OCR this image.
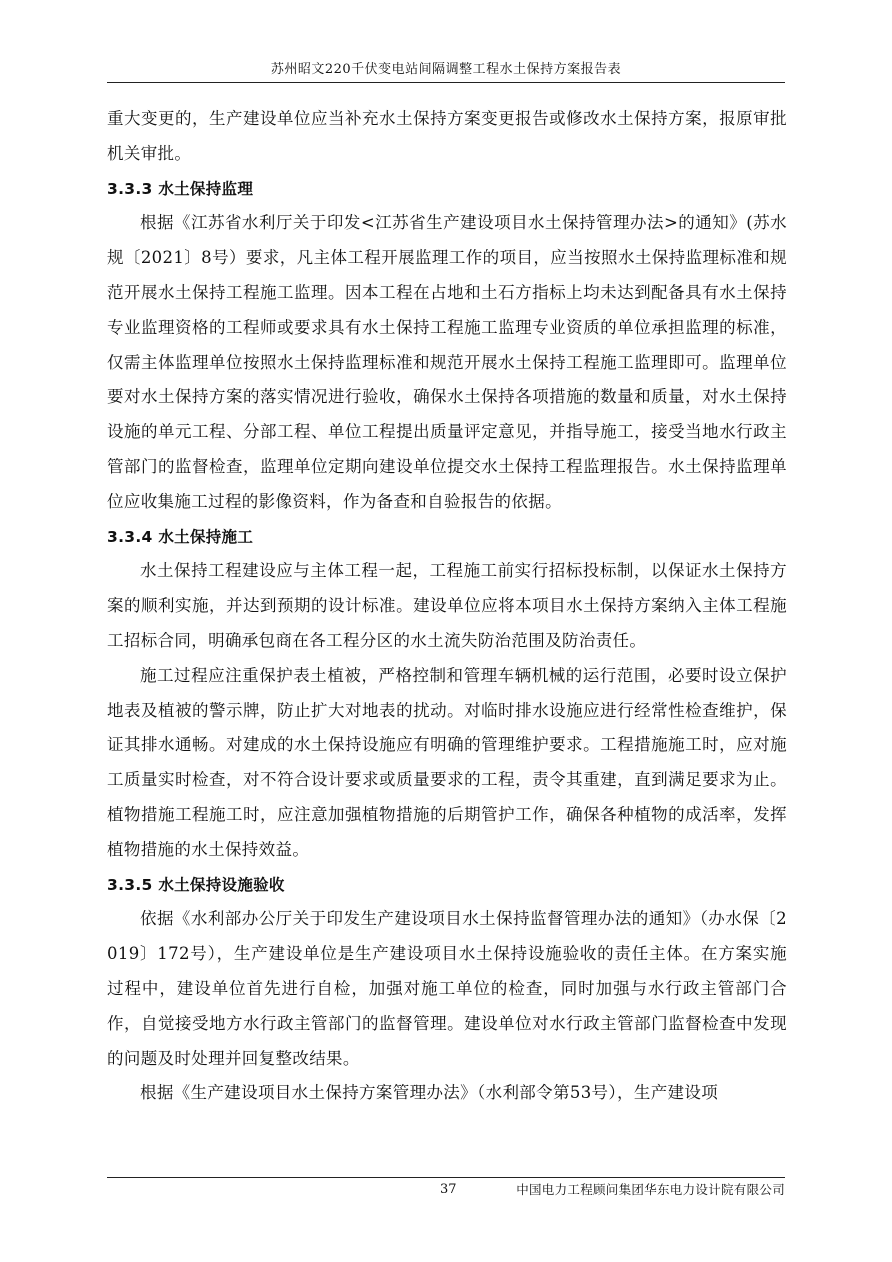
苏州昭文220千伏变电站间隔调整工程水土保持方案报告表

重大变更的，生产建设单位应当补充水土保持方案变更报告或修改水土保持方案，报原审批机关审批。

3.3.3 水土保持监理

根据《江苏省水利厅关于印发<江苏省生产建设项目水土保持管理办法>的通知》(苏水规〔2021〕8号）要求，凡主体工程开展监理工作的项目，应当按照水土保持监理标准和规范开展水土保持工程施工监理。因本工程在占地和土石方指标上均未达到配备具有水土保持专业监理资格的工程师或要求具有水土保持工程施工监理专业资质的单位承担监理的标准，仅需主体监理单位按照水土保持监理标准和规范开展水土保持工程施工监理即可。监理单位要对水土保持方案的落实情况进行验收，确保水土保持各项措施的数量和质量，对水土保持设施的单元工程、分部工程、单位工程提出质量评定意见，并指导施工，接受当地水行政主管部门的监督检查，监理单位定期向建设单位提交水土保持工程监理报告。水土保持监理单位应收集施工过程的影像资料，作为备查和自验报告的依据。

3.3.4 水土保持施工

水土保持工程建设应与主体工程一起，工程施工前实行招标投标制，以保证水土保持方案的顺利实施，并达到预期的设计标准。建设单位应将本项目水土保持方案纳入主体工程施工招标合同，明确承包商在各工程分区的水土流失防治范围及防治责任。

施工过程应注重保护表土植被，严格控制和管理车辆机械的运行范围，必要时设立保护地表及植被的警示牌，防止扩大对地表的扰动。对临时排水设施应进行经常性检查维护，保证其排水通畅。对建成的水土保持设施应有明确的管理维护要求。工程措施施工时，应对施工质量实时检查，对不符合设计要求或质量要求的工程，责令其重建，直到满足要求为止。植物措施工程施工时，应注意加强植物措施的后期管护工作，确保各种植物的成活率，发挥植物措施的水土保持效益。

3.3.5 水土保持设施验收

依据《水利部办公厅关于印发生产建设项目水土保持监督管理办法的通知》（办水保〔2019〕172号），生产建设单位是生产建设项目水土保持设施验收的责任主体。在方案实施过程中，建设单位首先进行自检，加强对施工单位的检查，同时加强与水行政主管部门合作，自觉接受地方水行政主管部门的监督管理。建设单位对水行政主管部门监督检查中发现的问题及时处理并回复整改结果。

根据《生产建设项目水土保持方案管理办法》（水利部令第53号），生产建设项

37	中国电力工程顾问集团华东电力设计院有限公司
